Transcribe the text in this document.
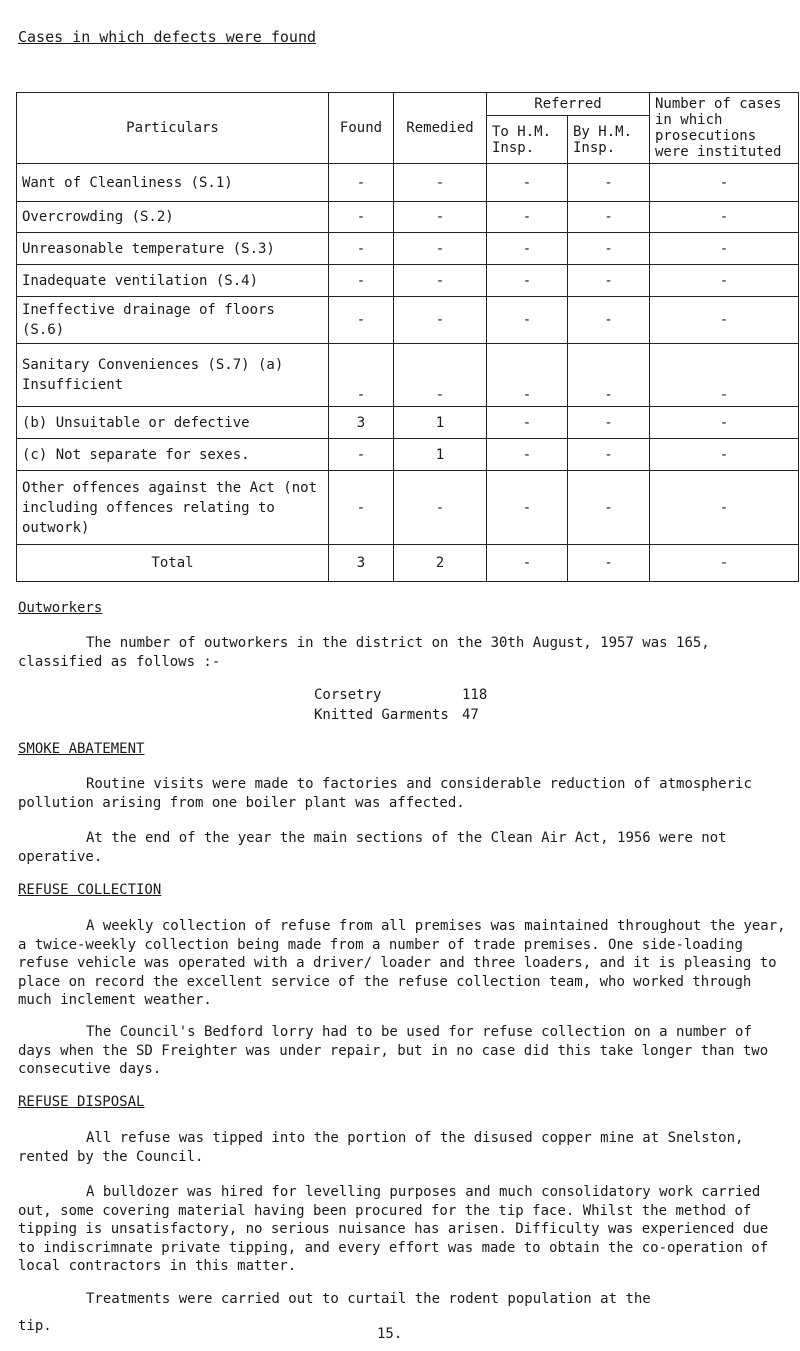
Cases in which defects were found
Particulars	Found	Remedied	Referred		Number of cases in which prosecutions were instituted
			To H.M. Insp.	By H.M. Insp.	
Want of Cleanliness (S.1)	-	-	-	-	-
Overcrowding (S.2)	-	-	-	-	-
Unreasonable temperature (S.3)	-	-	-	-	-
Inadequate ventilation (S.4)	-	-	-	-	-
Ineffective drainage of floors (S.6)	-	-	-	-	-
Sanitary Conveniences (S.7) (a) Insufficient	-	-	-	-	-
(b) Unsuitable or defective	3	1	-	-	-
(c) Not separate for sexes.	-	1	-	-	-
Other offences against the Act (not including offences relating to outwork)	-	-	-	-	-
Total	3	2	-	-	-
Outworkers
The number of outworkers in the district on the 30th August, 1957 was 165, classified as follows :-
Corsetry	118
Knitted Garments 47
SMOKE ABATEMENT
Routine visits were made to factories and considerable reduction of atmospheric pollution arising from one boiler plant was affected.
At the end of the year the main sections of the Clean Air Act, 1956 were not operative.
REFUSE COLLECTION
A weekly collection of refuse from all premises was maintained throughout the year, a twice-weekly collection being made from a number of trade premises. One side-loading refuse vehicle was operated with a driver/ loader and three loaders, and it is pleasing to place on record the excellent service of the refuse collection team, who worked through much inclement weather.
The Council's Bedford lorry had to be used for refuse collection on a number of days when the SD Freighter was under repair, but in no case did this take longer than two consecutive days.
REFUSE DISPOSAL
All refuse was tipped into the portion of the disused copper mine at Snelston, rented by the Council.
A bulldozer was hired for levelling purposes and much consolidatory work carried out, some covering material having been procured for the tip face. Whilst the method of tipping is unsatisfactory, no serious nuisance has arisen. Difficulty was experienced due to indiscrimnate private tipping, and every effort was made to obtain the co-operation of local contractors in this matter.
Treatments were carried out to curtail the rodent population at the
tip.	15.
